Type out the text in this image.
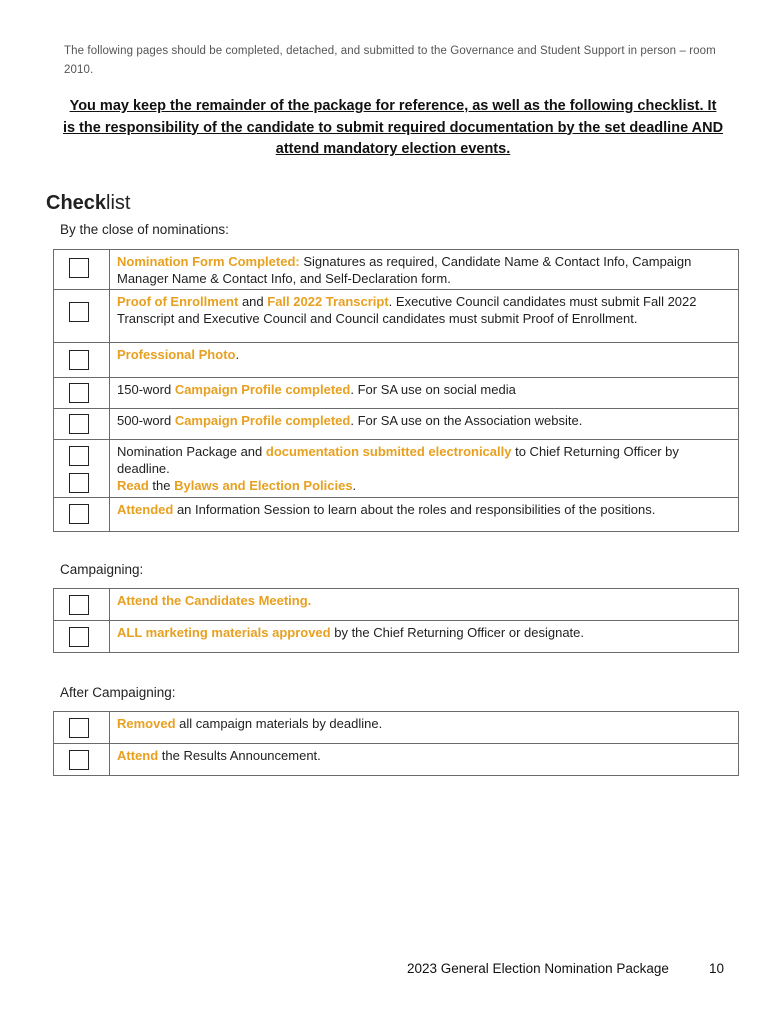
The following pages should be completed, detached, and submitted to the Governance and Student Support in person – room 2010.
You may keep the remainder of the package for reference, as well as the following checklist. It is the responsibility of the candidate to submit required documentation by the set deadline AND attend mandatory election events.
Checklist
By the close of nominations:
	Nomination Form Completed: Signatures as required, Candidate Name & Contact Info, Campaign Manager Name & Contact Info, and Self-Declaration form.

	Proof of Enrollment and Fall 2022 Transcript. Executive Council candidates must submit Fall 2022 Transcript and Executive Council and Council candidates must submit Proof of Enrollment.

	Professional Photo.

	150-word Campaign Profile completed. For SA use on social media

	500-word Campaign Profile completed. For SA use on the Association website.

	Nomination Package and documentation submitted electronically to Chief Returning Officer by deadline.
Read the Bylaws and Election Policies.

	Attended an Information Session to learn about the roles and responsibilities of the positions.
Campaigning:
	Attend the Candidates Meeting.

	ALL marketing materials approved by the Chief Returning Officer or designate.
After Campaigning:
	Removed all campaign materials by deadline.

	Attend the Results Announcement.
2023 General Election Nomination Package	10
